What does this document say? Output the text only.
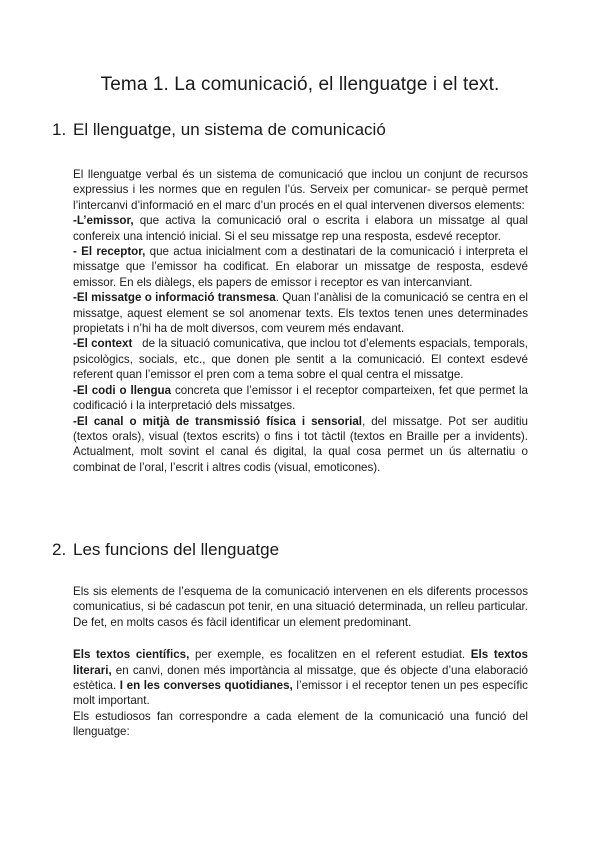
Tema 1. La comunicació, el llenguatge i el text.
1. El llenguatge, un sistema de comunicació

El llenguatge verbal és un sistema de comunicació que inclou un conjunt de recursos expressius i les normes que en regulen l’ús. Serveix per comunicar- se perquè permet l’intercanvi d’informació en el marc d’un procés en el qual intervenen diversos elements:

-L’emissor, que activa la comunicació oral o escrita i elabora un missatge al qual confereix una intenció inicial. Si el seu missatge rep una resposta, esdevé receptor.

- El receptor, que actua inicialment com a destinatari de la comunicació i interpreta el missatge que l’emissor ha codificat. En elaborar un missatge de resposta, esdevé emissor. En els diàlegs, els papers de emissor i receptor es van intercanviant.

-El missatge o informació transmesa. Quan l’anàlisi de la comunicació se centra en el missatge, aquest element se sol anomenar texts. Els textos tenen unes determinades propietats i n’hi ha de molt diversos, com veurem més endavant.

-El context   de la situació comunicativa, que inclou tot d’elements espacials, temporals, psicològics, socials, etc., que donen ple sentit a la comunicació. El context esdevé referent quan l’emissor el pren com a tema sobre el qual centra el missatge.

-El codi o llengua concreta que l’emissor i el receptor comparteixen, fet que permet la codificació i la interpretació dels missatges.

-El canal o mitjà de transmissió física i sensorial, del missatge. Pot ser auditiu (textos orals), visual (textos escrits) o fins i tot tàctil (textos en Braille per a invidents). Actualment, molt sovint el canal és digital, la qual cosa permet un ús alternatiu o combinat de l’oral, l’escrit i altres codis (visual, emoticones).

2. Les funcions del llenguatge

Els sis elements de l’esquema de la comunicació intervenen en els diferents processos comunicatius, si bé cadascun pot tenir, en una situació determinada, un relleu particular. De fet, en molts casos és fàcil identificar un element predominant.

Els textos científics, per exemple, es focalitzen en el referent estudiat. Els textos literari, en canvi, donen més importància al missatge, que és objecte d’una elaboració estètica. I en les converses quotidianes, l’emissor i el receptor tenen un pes específic molt important.

Els estudiosos fan correspondre a cada element de la comunicació una funció del llenguatge:
